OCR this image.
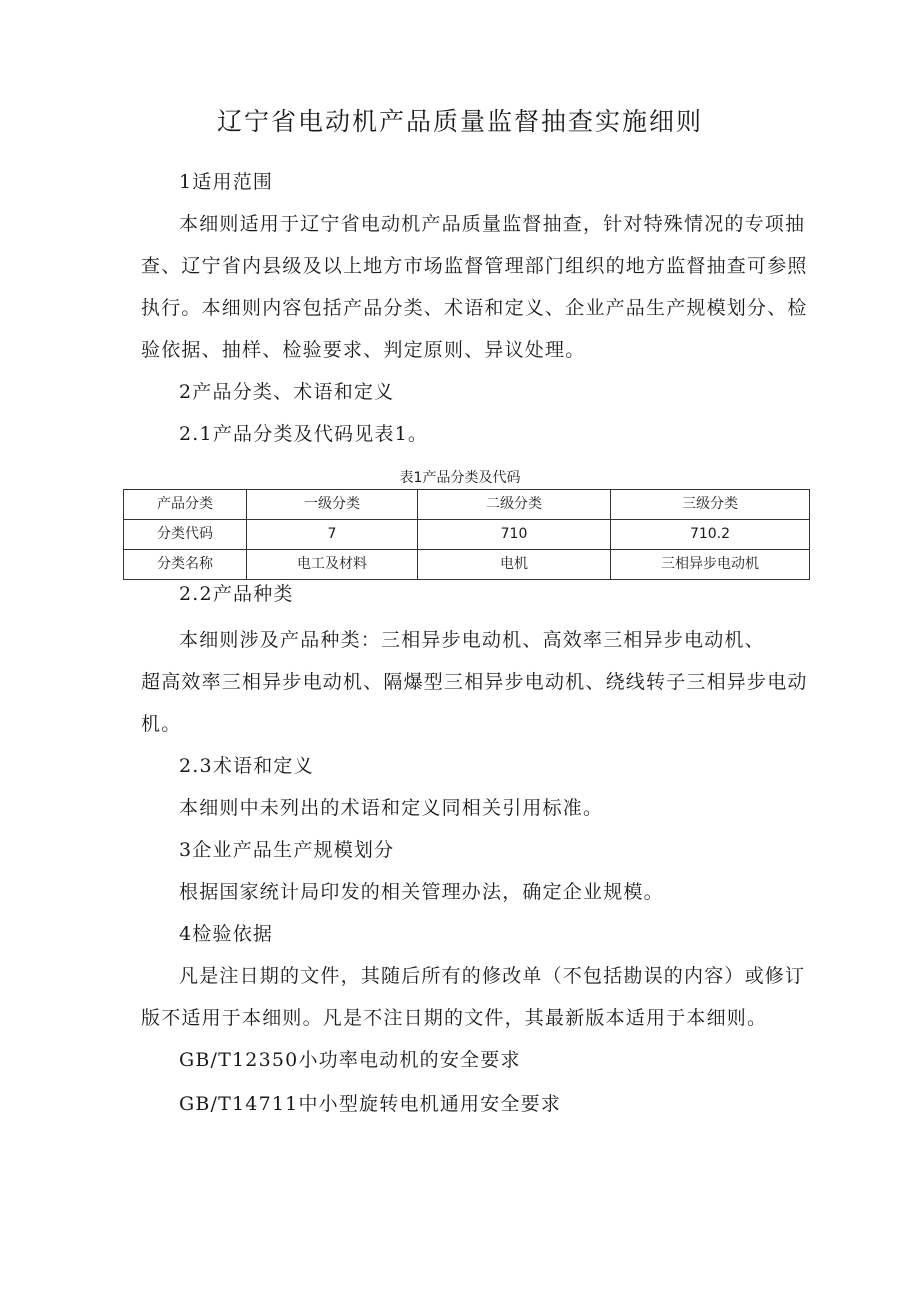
辽宁省电动机产品质量监督抽查实施细则
1适用范围
本细则适用于辽宁省电动机产品质量监督抽查，针对特殊情况的专项抽
查、辽宁省内县级及以上地方市场监督管理部门组织的地方监督抽查可参照
执行。本细则内容包括产品分类、术语和定义、企业产品生产规模划分、检
验依据、抽样、检验要求、判定原则、异议处理。
2产品分类、术语和定义
2.1产品分类及代码见表1。
表1产品分类及代码
产品分类	一级分类	二级分类	三级分类
分类代码	7	710	710.2
分类名称	电工及材料	电机	三相异步电动机
2.2产品种类
本细则涉及产品种类：三相异步电动机、高效率三相异步电动机、
超高效率三相异步电动机、隔爆型三相异步电动机、绕线转子三相异步电动
机。
2.3术语和定义
本细则中未列出的术语和定义同相关引用标准。
3企业产品生产规模划分
根据国家统计局印发的相关管理办法，确定企业规模。
4检验依据
凡是注日期的文件，其随后所有的修改单（不包括勘误的内容）或修订
版不适用于本细则。凡是不注日期的文件，其最新版本适用于本细则。
GB/T12350小功率电动机的安全要求
GB/T14711中小型旋转电机通用安全要求
